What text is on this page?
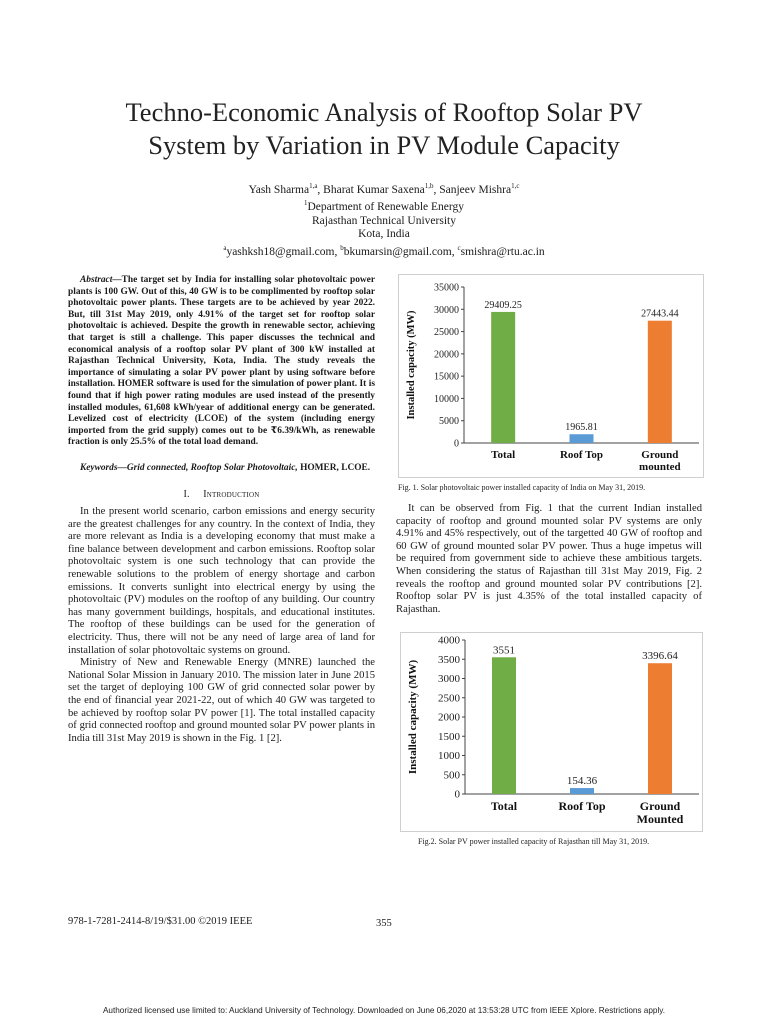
Techno-Economic Analysis of Rooftop Solar PV
System by Variation in PV Module Capacity
Yash Sharma$^{1,a}$, Bharat Kumar Saxena$^{1,b}$, Sanjeev Mishra$^{1,c}$
$^1$Department of Renewable Energy
Rajasthan Technical University
Kota, India
$^a$yashksh18@gmail.com, $^b$bkumarsin@gmail.com, $^c$smishra@rtu.ac.in

Abstract—The target set by India for installing solar photovoltaic power plants is 100 GW. Out of this, 40 GW is to be complimented by rooftop solar photovoltaic power plants. These targets are to be achieved by year 2022. But, till 31st May 2019, only 4.91% of the target set for rooftop solar photovoltaic is achieved. Despite the growth in renewable sector, achieving that target is still a challenge. This paper discusses the technical and economical analysis of a rooftop solar PV plant of 300 kW installed at Rajasthan Technical University, Kota, India. The study reveals the importance of simulating a solar PV power plant by using software before installation. HOMER software is used for the simulation of power plant. It is found that if high power rating modules are used instead of the presently installed modules, 61,608 kWh/year of additional energy can be generated. Levelized cost of electricity (LCOE) of the system (including energy imported from the grid supply) comes out to be ₹6.39/kWh, as renewable fraction is only 25.5% of the total load demand.

Keywords—Grid connected, Rooftop Solar Photovoltaic, HOMER, LCOE.

I. Introduction

In the present world scenario, carbon emissions and energy security are the greatest challenges for any country. In the context of India, they are more relevant as India is a developing economy that must make a fine balance between development and carbon emissions. Rooftop solar photovoltaic system is one such technology that can provide the renewable solutions to the problem of energy shortage and carbon emissions. It converts sunlight into electrical energy by using the photovoltaic (PV) modules on the rooftop of any building. Our country has many government buildings, hospitals, and educational institutes. The rooftop of these buildings can be used for the generation of electricity. Thus, there will not be any need of large area of land for installation of solar photovoltaic systems on ground.

Ministry of New and Renewable Energy (MNRE) launched the National Solar Mission in January 2010. The mission later in June 2015 set the target of deploying 100 GW of grid connected solar power by the end of financial year 2021-22, out of which 40 GW was targeted to be achieved by rooftop solar PV power [1]. The total installed capacity of grid connected rooftop and ground mounted solar PV power plants in India till 31st May 2019 is shown in the Fig. 1 [2].

0
5000
10000
15000
20000
25000
30000
35000
Installed capacity (MW)
29409.25
Total
1965.81
Roof Top
27443.44
Ground
mounted
Fig. 1. Solar photovoltaic power installed capacity of India on May 31, 2019.

It can be observed from Fig. 1 that the current Indian installed capacity of rooftop and ground mounted solar PV systems are only 4.91% and 45% respectively, out of the targetted 40 GW of rooftop and 60 GW of ground mounted solar PV power. Thus a huge impetus will be required from government side to achieve these ambitious targets. When considering the status of Rajasthan till 31st May 2019, Fig. 2 reveals the rooftop and ground mounted solar PV contributions [2]. Rooftop solar PV is just 4.35% of the total installed capacity of Rajasthan.

0
500
1000
1500
2000
2500
3000
3500
4000
Installed capacity (MW)
3551
Total
154.36
Roof Top
3396.64
Ground
Mounted
Fig.2. Solar PV power installed capacity of Rajasthan till May 31, 2019.
978-1-7281-2414-8/19/$31.00 ©2019 IEEE	355
Authorized licensed use limited to: Auckland University of Technology. Downloaded on June 06,2020 at 13:53:28 UTC from IEEE Xplore. Restrictions apply.
